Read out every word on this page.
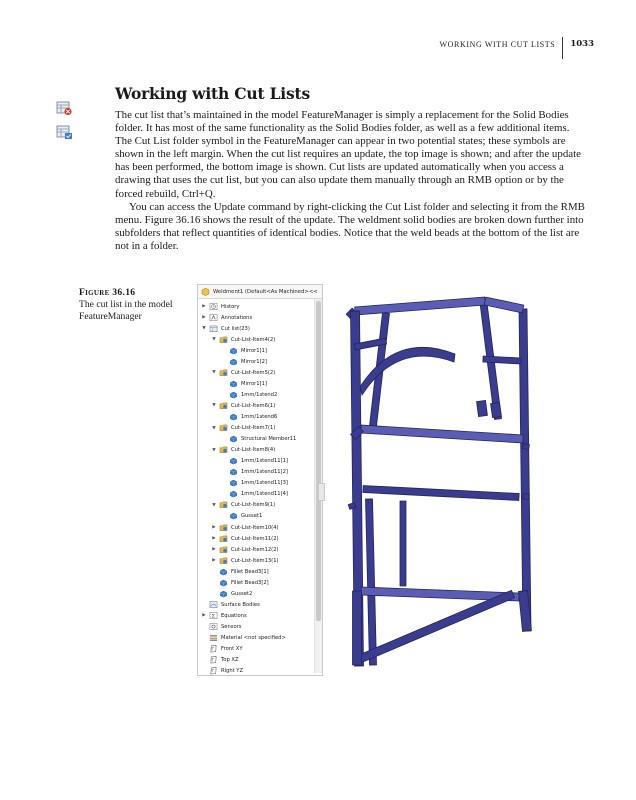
WORKING WITH CUT LISTS	1033
Working with Cut Lists

The cut list that’s maintained in the model FeatureManager is simply a replacement for the Solid Bodies folder. It has most of the same functionality as the Solid Bodies folder, as well as a few additional items. The Cut List folder symbol in the FeatureManager can appear in two potential states; these symbols are shown in the left margin. When the cut list requires an update, the top image is shown; and after the update has been performed, the bottom image is shown. Cut lists are updated automatically when you access a drawing that uses the cut list, but you can also update them manually through an RMB option or by the forced rebuild, Ctrl+Q.

You can access the Update command by right-clicking the Cut List folder and selecting it from the RMB menu. Figure 36.16 shows the result of the update. The weldment solid bodies are broken down further into subfolders that reflect quantities of identical bodies. Notice that the weld beads at the bottom of the list are not in a folder.

Figure 36.16
The cut list in the model
FeatureManager
Weldment1 (Default<As Machined><<
▶	History
▶	Annotations
▼	Cut list(23)
▼	Cut-List-Item4(2)
Mirror1[1]
Mirror1[2]
▼	Cut-List-Item5(2)
Mirror1[1]
1mm/1stend2
▼	Cut-List-Item6(1)
1mm/1stend6
▼	Cut-List-Item7(1)
Structural Member11
▼	Cut-List-Item8(4)
1mm/1stend11[1]
1mm/1stend11[2]
1mm/1stend11[3]
1mm/1stend11[4]
▼	Cut-List-Item9(1)
Gusset1
▶	Cut-List-Item10(4)
▶	Cut-List-Item11(2)
▶	Cut-List-Item12(2)
▶	Cut-List-Item13(1)
Fillet Bead3[1]
Fillet Bead3[2]
Gusset2
Surface Bodies
▶ Σ Equations
Sensors
Material <not specified>
Front XY
Top XZ
Right YZ
